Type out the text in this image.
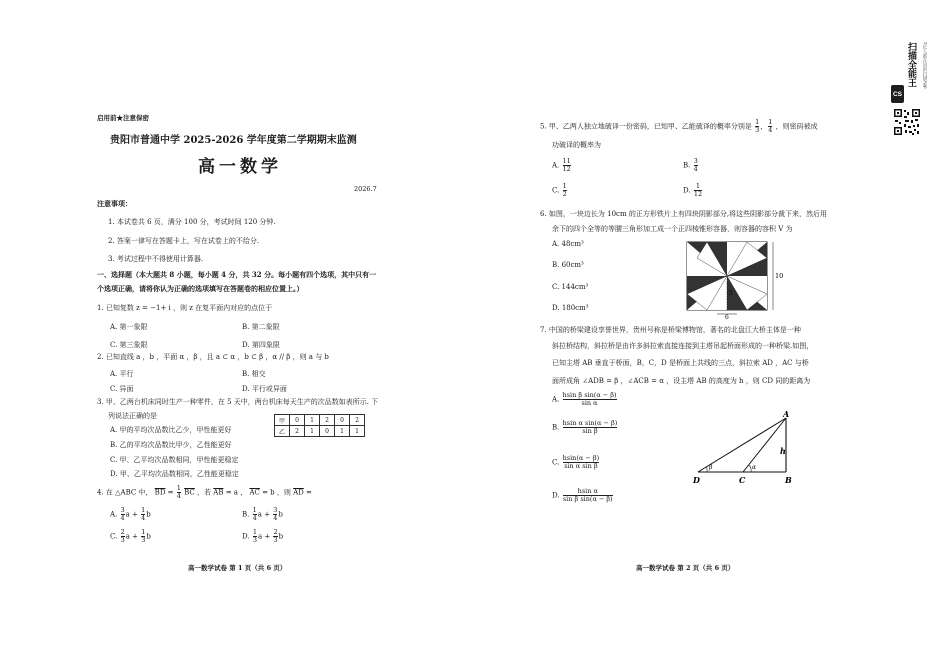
启用前★注意保密
贵阳市普通中学 2025-2026 学年度第二学期期末监测
高一数学
2026.7
注意事项：
1. 本试卷共 6 页，满分 100 分，考试时间 120 分钟.
2. 答案一律写在答题卡上，写在试卷上的不给分.
3. 考试过程中不得使用计算器.
一、选择题（本大题共 8 小题，每小题 4 分，共 32 分。每小题有四个选项，其中只有一
个选项正确，请将你认为正确的选项填写在答题卷的相应位置上。）
1. 已知复数 z = −1+ i ，则 z 在复平面内对应的点位于
A. 第一象限	B. 第二象限
C. 第三象限	D. 第四象限
2. 已知直线 a ，b ，平面 α ，β ，且 a ⊂ α ，b ⊂ β ，α // β ，则 a 与 b
A. 平行	B. 相交
C. 异面	D. 平行或异面
3. 甲、乙两台机床同时生产一种零件，在 5 天中，两台机床每天生产的次品数如表所示. 下
列说法正确的是
A. 甲的平均次品数比乙少，甲性能更好
B. 乙的平均次品数比甲少，乙性能更好
C. 甲、乙平均次品数相同，甲性能更稳定
D. 甲、乙平均次品数相同，乙性能更稳定
甲	0	1	2	0	2
乙	2	1	0	1	1
4. 在 △ABC 中， $\overline{BD} = \frac{1}{4} \overline{BC}$ ，若 $\overline{AB} = a$ ， $\overline{AC} = b$ ，则 $\overline{AD}$ =
A. $\frac{3}{4}$ $a + \frac{1}{4}$ b	B. $\frac{1}{4}$ $a + \frac{3}{4}$ b
C. $\frac{2}{3}$ $a + \frac{1}{3}$ b	D. $\frac{1}{3}$ $a + \frac{2}{3}$ b
高一数学试卷 第 1 页（共 6 页）
5. 甲、乙两人独立地破译一份密码，已知甲、乙能破译的概率分别是 $\frac{1}{3}$ ， $\frac{1}{4}$ ，则密码被成
功破译的概率为
A. $\frac{11}{12}$	B. $\frac{3}{4}$
C. $\frac{1}{2}$	D. $\frac{1}{12}$
6. 如图，一块边长为 10cm 的正方形铁片上有四块阴影部分,将这些阴影部分裁下来，然后用
余下的四个全等的等腰三角形加工成一个正四棱锥形容器，则容器的容积 V 为
A. 48cm³
B. 60cm³
C. 144cm³
D. 180cm³
10
5
6
7. 中国的桥梁建设享誉世界，贵州号称是桥梁博物馆，著名的北盘江大桥主体是一种
斜拉桥结构，斜拉桥是由许多斜拉索直接连接到主塔吊起桥面形成的一种桥梁.如图，
已知主塔 AB 垂直于桥面，B，C，D 是桥面上共线的三点，斜拉索 AD ，AC 与桥
面所成角 ∠ADB = β ，∠ACB = α ，设主塔 AB 的高度为 h ，则 CD 同的距离为
A. $\frac{\text{hsin β sin(α − β)}}{\text{sin α}}$
B. $\frac{\text{hsin α sin(α − β)}}{\text{sin β}}$
C. $\frac{hsin(\alpha - \beta)}{\text{sin α sin β}}$
D. $\frac{\text{hsin α}}{\text{sin β sin(α − β)}}$
A
B
C
D
h
α
β
高一数学试卷 第 2 页（共 6 页）
CS
扫描全能王	3亿人都在用的扫描App
